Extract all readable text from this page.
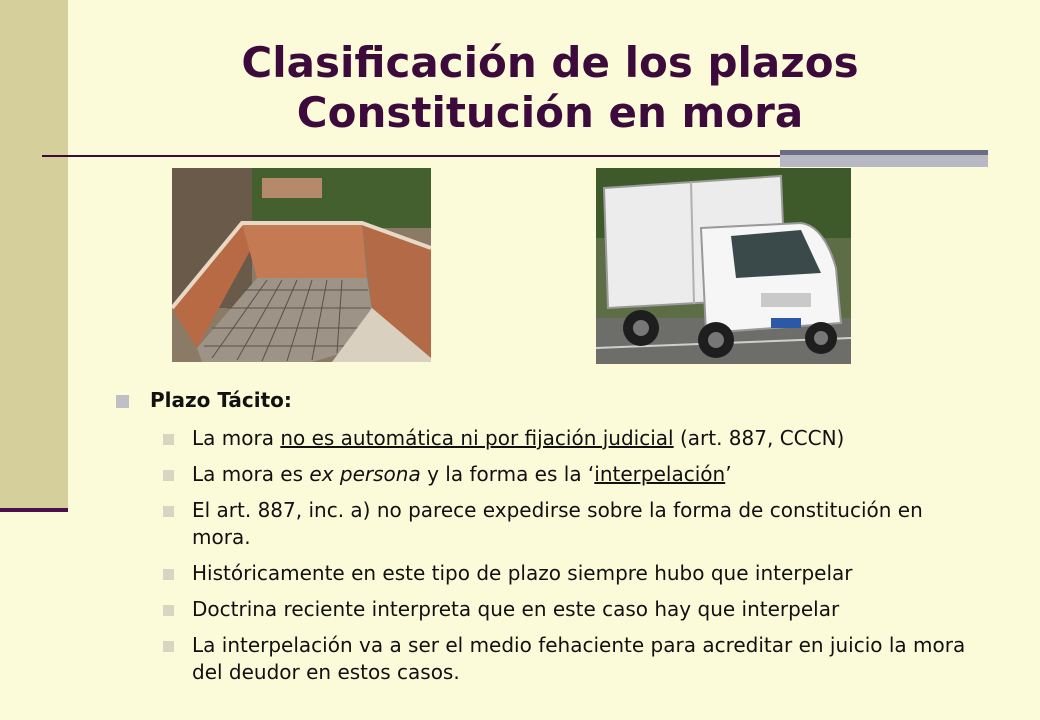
Clasificación de los plazos
Constitución en mora
Plazo Tácito:
La mora no es automática ni por fijación judicial (art. 887, CCCN)
La mora es ex persona y la forma es la ‘interpelación’
El art. 887, inc. a) no parece expedirse sobre la forma de constitución en mora.
Históricamente en este tipo de plazo siempre hubo que interpelar
Doctrina reciente interpreta que en este caso hay que interpelar
La interpelación va a ser el medio fehaciente para acreditar en juicio la mora del deudor en estos casos.
